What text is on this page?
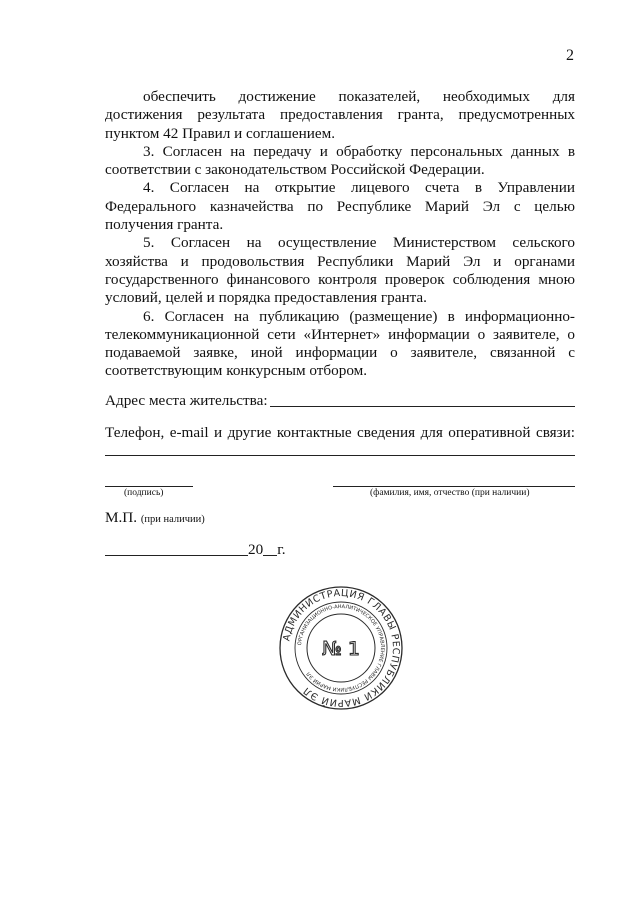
2

обеспечить достижение показателей, необходимых для достижения результата предоставления гранта, предусмотренных пунктом 42 Правил и соглашением.

3. Согласен на передачу и обработку персональных данных в соответствии с законодательством Российской Федерации.

4. Согласен на открытие лицевого счета в Управлении Федерального казначейства по Республике Марий Эл с целью получения гранта.

5. Согласен на осуществление Министерством сельского хозяйства и продовольствия Республики Марий Эл и органами государственного финансового контроля проверок соблюдения мною условий, целей и порядка предоставления гранта.

6. Согласен на публикацию (размещение) в информационно-телекоммуникационной сети «Интернет» информации о заявителе, о подаваемой заявке, иной информации о заявителе, связанной с соответствующим конкурсным отбором.

Адрес места жительства:
Телефон, e-mail и другие контактные сведения для оперативной связи:
(подпись)	(фамилия, имя, отчество (при наличии)
М.П. (при наличии)
20 г.
АДМИНИСТРАЦИЯ ГЛАВЫ РЕСПУБЛИКИ МАРИЙ ЭЛ
ОРГАНИЗАЦИОННО-АНАЛИТИЧЕСКОЕ УПРАВЛЕНИЕ ГЛАВЫ РЕСПУБЛИКИ МАРИЙ ЭЛ
№ 1
